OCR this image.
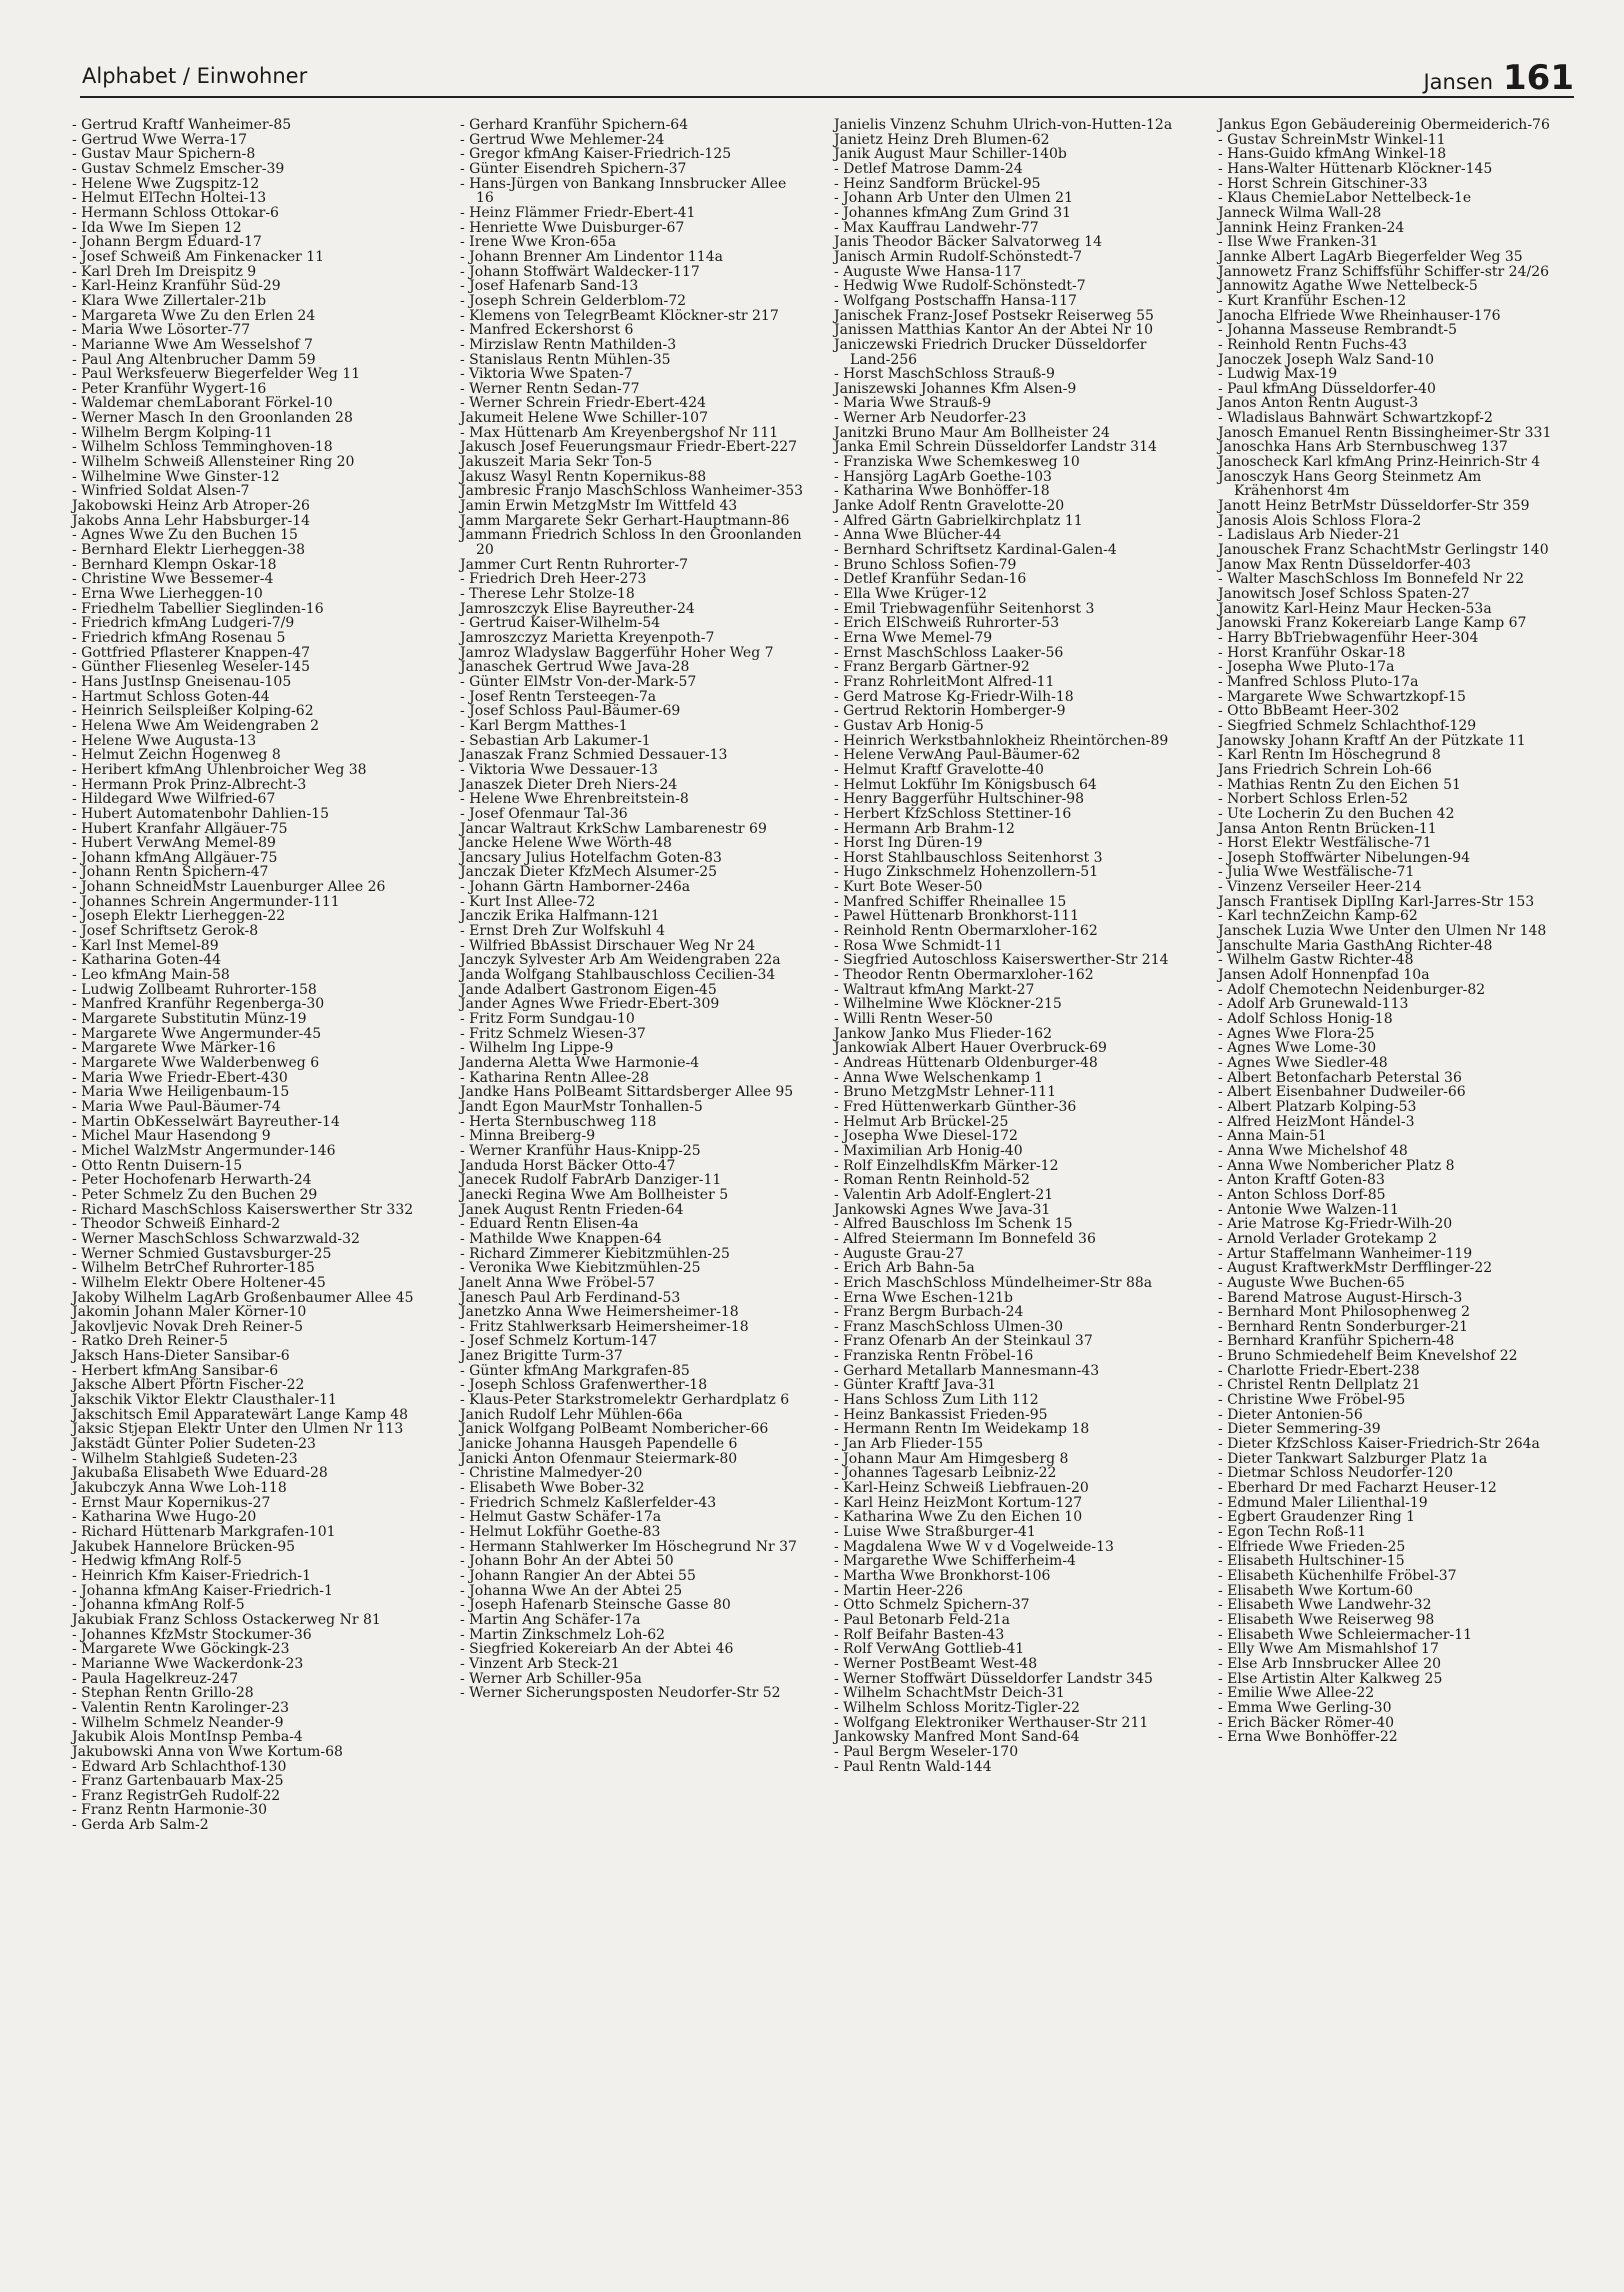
Alphabet / Einwohner	Jansen 161
- Gertrud Kraftf Wanheimer-85
- Gertrud Wwe Werra-17
- Gustav Maur Spichern-8
- Gustav Schmelz Emscher-39
- Helene Wwe Zugspitz-12
- Helmut ElTechn Holtei-13
- Hermann Schloss Ottokar-6
- Ida Wwe Im Siepen 12
- Johann Bergm Eduard-17
- Josef Schweiß Am Finkenacker 11
- Karl Dreh Im Dreispitz 9
- Karl-Heinz Kranführ Süd-29
- Klara Wwe Zillertaler-21b
- Margareta Wwe Zu den Erlen 24
- Maria Wwe Lösorter-77
- Marianne Wwe Am Wesselshof 7
- Paul Ang Altenbrucher Damm 59
- Paul Werksfeuerw Biegerfelder Weg 11
- Peter Kranführ Wygert-16
- Waldemar chemLaborant Förkel-10
- Werner Masch In den Groonlanden 28
- Wilhelm Bergm Kolping-11
- Wilhelm Schloss Temminghoven-18
- Wilhelm Schweiß Allensteiner Ring 20
- Wilhelmine Wwe Ginster-12
- Winfried Soldat Alsen-7
Jakobowski Heinz Arb Atroper-26
Jakobs Anna Lehr Habsburger-14
- Agnes Wwe Zu den Buchen 15
- Bernhard Elektr Lierheggen-38
- Bernhard Klempn Oskar-18
- Christine Wwe Bessemer-4
- Erna Wwe Lierheggen-10
- Friedhelm Tabellier Sieglinden-16
- Friedrich kfmAng Ludgeri-7/9
- Friedrich kfmAng Rosenau 5
- Gottfried Pflasterer Knappen-47
- Günther Fliesenleg Weseler-145
- Hans JustInsp Gneisenau-105
- Hartmut Schloss Goten-44
- Heinrich Seilspleißer Kolping-62
- Helena Wwe Am Weidengraben 2
- Helene Wwe Augusta-13
- Helmut Zeichn Hogenweg 8
- Heribert kfmAng Uhlenbroicher Weg 38
- Hermann Prok Prinz-Albrecht-3
- Hildegard Wwe Wilfried-67
- Hubert Automatenbohr Dahlien-15
- Hubert Kranfahr Allgäuer-75
- Hubert VerwAng Memel-89
- Johann kfmAng Allgäuer-75
- Johann Rentn Spichern-47
- Johann SchneidMstr Lauenburger Allee 26
- Johannes Schrein Angermunder-111
- Joseph Elektr Lierheggen-22
- Josef Schriftsetz Gerok-8
- Karl Inst Memel-89
- Katharina Goten-44
- Leo kfmAng Main-58
- Ludwig Zollbeamt Ruhrorter-158
- Manfred Kranführ Regenberga-30
- Margarete Substitutin Münz-19
- Margarete Wwe Angermunder-45
- Margarete Wwe Märker-16
- Margarete Wwe Walderbenweg 6
- Maria Wwe Friedr-Ebert-430
- Maria Wwe Heiligenbaum-15
- Maria Wwe Paul-Bäumer-74
- Martin ObKesselwärt Bayreuther-14
- Michel Maur Hasendong 9
- Michel WalzMstr Angermunder-146
- Otto Rentn Duisern-15
- Peter Hochofenarb Herwarth-24
- Peter Schmelz Zu den Buchen 29
- Richard MaschSchloss Kaiserswerther Str 332
- Theodor Schweiß Einhard-2
- Werner MaschSchloss Schwarzwald-32
- Werner Schmied Gustavsburger-25
- Wilhelm BetrChef Ruhrorter-185
- Wilhelm Elektr Obere Holtener-45
Jakoby Wilhelm LagArb Großenbaumer Allee 45
Jakomin Johann Maler Körner-10
Jakovljevic Novak Dreh Reiner-5
- Ratko Dreh Reiner-5
Jaksch Hans-Dieter Sansibar-6
- Herbert kfmAng Sansibar-6
Jaksche Albert Pförtn Fischer-22
Jakschik Viktor Elektr Clausthaler-11
Jakschitsch Emil Apparatewärt Lange Kamp 48
Jaksic Stjepan Elektr Unter den Ulmen Nr 113
Jakstädt Günter Polier Sudeten-23
- Wilhelm Stahlgieß Sudeten-23
Jakubaßa Elisabeth Wwe Eduard-28
Jakubczyk Anna Wwe Loh-118
- Ernst Maur Kopernikus-27
- Katharina Wwe Hugo-20
- Richard Hüttenarb Markgrafen-101
Jakubek Hannelore Brücken-95
- Hedwig kfmAng Rolf-5
- Heinrich Kfm Kaiser-Friedrich-1
- Johanna kfmAng Kaiser-Friedrich-1
- Johanna kfmAng Rolf-5
Jakubiak Franz Schloss Ostackerweg Nr 81
- Johannes KfzMstr Stockumer-36
- Margarete Wwe Göckingk-23
- Marianne Wwe Wackerdonk-23
- Paula Hagelkreuz-247
- Stephan Rentn Grillo-28
- Valentin Rentn Karolinger-23
- Wilhelm Schmelz Neander-9
Jakubik Alois MontInsp Pemba-4
Jakubowski Anna von Wwe Kortum-68
- Edward Arb Schlachthof-130
- Franz Gartenbauarb Max-25
- Franz RegistrGeh Rudolf-22
- Franz Rentn Harmonie-30
- Gerda Arb Salm-2
- Gerhard Kranführ Spichern-64
- Gertrud Wwe Mehlemer-24
- Gregor kfmAng Kaiser-Friedrich-125
- Günter Eisendreh Spichern-37
- Hans-Jürgen von Bankang Innsbrucker Allee 16
- Heinz Flämmer Friedr-Ebert-41
- Henriette Wwe Duisburger-67
- Irene Wwe Kron-65a
- Johann Brenner Am Lindentor 114a
- Johann Stoffwärt Waldecker-117
- Josef Hafenarb Sand-13
- Joseph Schrein Gelderblom-72
- Klemens von TelegrBeamt Klöckner-str 217
- Manfred Eckershorst 6
- Mirzislaw Rentn Mathilden-3
- Stanislaus Rentn Mühlen-35
- Viktoria Wwe Spaten-7
- Werner Rentn Sedan-77
- Werner Schrein Friedr-Ebert-424
Jakumeit Helene Wwe Schiller-107
- Max Hüttenarb Am Kreyenbergshof Nr 111
Jakusch Josef Feuerungsmaur Friedr-Ebert-227
Jakuszeit Maria Sekr Ton-5
Jakusz Wasyl Rentn Kopernikus-88
Jambresic Franjo MaschSchloss Wanheimer-353
Jamin Erwin MetzgMstr Im Wittfeld 43
Jamm Margarete Sekr Gerhart-Hauptmann-86
Jammann Friedrich Schloss In den Groonlanden 20
Jammer Curt Rentn Ruhrorter-7
- Friedrich Dreh Heer-273
- Therese Lehr Stolze-18
Jamroszczyk Elise Bayreuther-24
- Gertrud Kaiser-Wilhelm-54
Jamroszczyz Marietta Kreyenpoth-7
Jamroz Wladyslaw Baggerführ Hoher Weg 7
Janaschek Gertrud Wwe Java-28
- Günter ElMstr Von-der-Mark-57
- Josef Rentn Tersteegen-7a
- Josef Schloss Paul-Bäumer-69
- Karl Bergm Matthes-1
- Sebastian Arb Lakumer-1
Janaszak Franz Schmied Dessauer-13
- Viktoria Wwe Dessauer-13
Janaszek Dieter Dreh Niers-24
- Helene Wwe Ehrenbreitstein-8
- Josef Ofenmaur Tal-36
Jancar Waltraut KrkSchw Lambarenestr 69
Jancke Helene Wwe Wörth-48
Jancsary Julius Hotelfachm Goten-83
Janczak Dieter KfzMech Alsumer-25
- Johann Gärtn Hamborner-246a
- Kurt Inst Allee-72
Janczik Erika Halfmann-121
- Ernst Dreh Zur Wolfskuhl 4
- Wilfried BbAssist Dirschauer Weg Nr 24
Janczyk Sylvester Arb Am Weidengraben 22a
Janda Wolfgang Stahlbauschloss Cecilien-34
Jande Adalbert Gastronom Eigen-45
Jander Agnes Wwe Friedr-Ebert-309
- Fritz Form Sundgau-10
- Fritz Schmelz Wiesen-37
- Wilhelm Ing Lippe-9
Janderna Aletta Wwe Harmonie-4
- Katharina Rentn Allee-28
Jandke Hans PolBeamt Sittardsberger Allee 95
Jandt Egon MaurMstr Tonhallen-5
- Herta Sternbuschweg 118
- Minna Breiberg-9
- Werner Kranführ Haus-Knipp-25
Janduda Horst Bäcker Otto-47
Janecek Rudolf FabrArb Danziger-11
Janecki Regina Wwe Am Bollheister 5
Janek August Rentn Frieden-64
- Eduard Rentn Elisen-4a
- Mathilde Wwe Knappen-64
- Richard Zimmerer Kiebitzmühlen-25
- Veronika Wwe Kiebitzmühlen-25
Janelt Anna Wwe Fröbel-57
Janesch Paul Arb Ferdinand-53
Janetzko Anna Wwe Heimersheimer-18
- Fritz Stahlwerksarb Heimersheimer-18
- Josef Schmelz Kortum-147
Janez Brigitte Turm-37
- Günter kfmAng Markgrafen-85
- Joseph Schloss Grafenwerther-18
- Klaus-Peter Starkstromelektr Gerhardplatz 6
Janich Rudolf Lehr Mühlen-66a
Janick Wolfgang PolBeamt Nombericher-66
Janicke Johanna Hausgeh Papendelle 6
Janicki Anton Ofenmaur Steiermark-80
- Christine Malmedyer-20
- Elisabeth Wwe Bober-32
- Friedrich Schmelz Kaßlerfelder-43
- Helmut Gastw Schäfer-17a
- Helmut Lokführ Goethe-83
- Hermann Stahlwerker Im Höschegrund Nr 37
- Johann Bohr An der Abtei 50
- Johann Rangier An der Abtei 55
- Johanna Wwe An der Abtei 25
- Joseph Hafenarb Steinsche Gasse 80
- Martin Ang Schäfer-17a
- Martin Zinkschmelz Loh-62
- Siegfried Kokereiarb An der Abtei 46
- Vinzent Arb Steck-21
- Werner Arb Schiller-95a
- Werner Sicherungsposten Neudorfer-Str 52
Janielis Vinzenz Schuhm Ulrich-von-Hutten-12a
Janietz Heinz Dreh Blumen-62
Janik August Maur Schiller-140b
- Detlef Matrose Damm-24
- Heinz Sandform Brückel-95
- Johann Arb Unter den Ulmen 21
- Johannes kfmAng Zum Grind 31
- Max Kauffrau Landwehr-77
Janis Theodor Bäcker Salvatorweg 14
Janisch Armin Rudolf-Schönstedt-7
- Auguste Wwe Hansa-117
- Hedwig Wwe Rudolf-Schönstedt-7
- Wolfgang Postschaffn Hansa-117
Janischek Franz-Josef Postsekr Reiserweg 55
Janissen Matthias Kantor An der Abtei Nr 10
Janiczewski Friedrich Drucker Düsseldorfer Land-256
- Horst MaschSchloss Strauß-9
Janiszewski Johannes Kfm Alsen-9
- Maria Wwe Strauß-9
- Werner Arb Neudorfer-23
Janitzki Bruno Maur Am Bollheister 24
Janka Emil Schrein Düsseldorfer Landstr 314
- Franziska Wwe Schemkesweg 10
- Hansjörg LagArb Goethe-103
- Katharina Wwe Bonhöffer-18
Janke Adolf Rentn Gravelotte-20
- Alfred Gärtn Gabrielkirchplatz 11
- Anna Wwe Blücher-44
- Bernhard Schriftsetz Kardinal-Galen-4
- Bruno Schloss Sofien-79
- Detlef Kranführ Sedan-16
- Ella Wwe Krüger-12
- Emil Triebwagenführ Seitenhorst 3
- Erich ElSchweiß Ruhrorter-53
- Erna Wwe Memel-79
- Ernst MaschSchloss Laaker-56
- Franz Bergarb Gärtner-92
- Franz RohrleitMont Alfred-11
- Gerd Matrose Kg-Friedr-Wilh-18
- Gertrud Rektorin Homberger-9
- Gustav Arb Honig-5
- Heinrich Werkstbahnlokheiz Rheintörchen-89
- Helene VerwAng Paul-Bäumer-62
- Helmut Kraftf Gravelotte-40
- Helmut Lokführ Im Königsbusch 64
- Henry Baggerführ Hultschiner-98
- Herbert KfzSchloss Stettiner-16
- Hermann Arb Brahm-12
- Horst Ing Düren-19
- Horst Stahlbauschloss Seitenhorst 3
- Hugo Zinkschmelz Hohenzollern-51
- Kurt Bote Weser-50
- Manfred Schiffer Rheinallee 15
- Pawel Hüttenarb Bronkhorst-111
- Reinhold Rentn Obermarxloher-162
- Rosa Wwe Schmidt-11
- Siegfried Autoschloss Kaiserswerther-Str 214
- Theodor Rentn Obermarxloher-162
- Waltraut kfmAng Markt-27
- Wilhelmine Wwe Klöckner-215
- Willi Rentn Weser-50
Jankow Janko Mus Flieder-162
Jankowiak Albert Hauer Overbruck-69
- Andreas Hüttenarb Oldenburger-48
- Anna Wwe Welschenkamp 1
- Bruno MetzgMstr Lehner-111
- Fred Hüttenwerkarb Günther-36
- Helmut Arb Brückel-25
- Josepha Wwe Diesel-172
- Maximilian Arb Honig-40
- Rolf EinzelhdlsKfm Märker-12
- Roman Rentn Reinhold-52
- Valentin Arb Adolf-Englert-21
Jankowski Agnes Wwe Java-31
- Alfred Bauschloss Im Schenk 15
- Alfred Steiermann Im Bonnefeld 36
- Auguste Grau-27
- Erich Arb Bahn-5a
- Erich MaschSchloss Mündelheimer-Str 88a
- Erna Wwe Eschen-121b
- Franz Bergm Burbach-24
- Franz MaschSchloss Ulmen-30
- Franz Ofenarb An der Steinkaul 37
- Franziska Rentn Fröbel-16
- Gerhard Metallarb Mannesmann-43
- Günter Kraftf Java-31
- Hans Schloss Zum Lith 112
- Heinz Bankassist Frieden-95
- Hermann Rentn Im Weidekamp 18
- Jan Arb Flieder-155
- Johann Maur Am Himgesberg 8
- Johannes Tagesarb Leibniz-22
- Karl-Heinz Schweiß Liebfrauen-20
- Karl Heinz HeizMont Kortum-127
- Katharina Wwe Zu den Eichen 10
- Luise Wwe Straßburger-41
- Magdalena Wwe W v d Vogelweide-13
- Margarethe Wwe Schifferheim-4
- Martha Wwe Bronkhorst-106
- Martin Heer-226
- Otto Schmelz Spichern-37
- Paul Betonarb Feld-21a
- Rolf Beifahr Basten-43
- Rolf VerwAng Gottlieb-41
- Werner PostBeamt West-48
- Werner Stoffwärt Düsseldorfer Landstr 345
- Wilhelm SchachtMstr Deich-31
- Wilhelm Schloss Moritz-Tigler-22
- Wolfgang Elektroniker Werthauser-Str 211
Jankowsky Manfred Mont Sand-64
- Paul Bergm Weseler-170
- Paul Rentn Wald-144
Jankus Egon Gebäudereinig Obermeiderich-76
- Gustav SchreinMstr Winkel-11
- Hans-Guido kfmAng Winkel-18
- Hans-Walter Hüttenarb Klöckner-145
- Horst Schrein Gitschiner-33
- Klaus ChemieLabor Nettelbeck-1e
Janneck Wilma Wall-28
Jannink Heinz Franken-24
- Ilse Wwe Franken-31
Jannke Albert LagArb Biegerfelder Weg 35
Jannowetz Franz Schiffsführ Schiffer-str 24/26
Jannowitz Agathe Wwe Nettelbeck-5
- Kurt Kranführ Eschen-12
Janocha Elfriede Wwe Rheinhauser-176
- Johanna Masseuse Rembrandt-5
- Reinhold Rentn Fuchs-43
Janoczek Joseph Walz Sand-10
- Ludwig Max-19
- Paul kfmAng Düsseldorfer-40
Janos Anton Rentn August-3
- Wladislaus Bahnwärt Schwartzkopf-2
Janosch Emanuel Rentn Bissingheimer-Str 331
Janoschka Hans Arb Sternbuschweg 137
Janoscheck Karl kfmAng Prinz-Heinrich-Str 4
Janosczyk Hans Georg Steinmetz Am Krähenhorst 4m
Janott Heinz BetrMstr Düsseldorfer-Str 359
Janosis Alois Schloss Flora-2
- Ladislaus Arb Nieder-21
Janouschek Franz SchachtMstr Gerlingstr 140
Janow Max Rentn Düsseldorfer-403
- Walter MaschSchloss Im Bonnefeld Nr 22
Janowitsch Josef Schloss Spaten-27
Janowitz Karl-Heinz Maur Hecken-53a
Janowski Franz Kokereiarb Lange Kamp 67
- Harry BbTriebwagenführ Heer-304
- Horst Kranführ Oskar-18
- Josepha Wwe Pluto-17a
- Manfred Schloss Pluto-17a
- Margarete Wwe Schwartzkopf-15
- Otto BbBeamt Heer-302
- Siegfried Schmelz Schlachthof-129
Janowsky Johann Kraftf An der Pützkate 11
- Karl Rentn Im Höschegrund 8
Jans Friedrich Schrein Loh-66
- Mathias Rentn Zu den Eichen 51
- Norbert Schloss Erlen-52
- Ute Locherin Zu den Buchen 42
Jansa Anton Rentn Brücken-11
- Horst Elektr Westfälische-71
- Joseph Stoffwärter Nibelungen-94
- Julia Wwe Westfälische-71
- Vinzenz Verseiler Heer-214
Jansch Frantisek DiplIng Karl-Jarres-Str 153
- Karl technZeichn Kamp-62
Janschek Luzia Wwe Unter den Ulmen Nr 148
Janschulte Maria GasthAng Richter-48
- Wilhelm Gastw Richter-48
Jansen Adolf Honnenpfad 10a
- Adolf Chemotechn Neidenburger-82
- Adolf Arb Grunewald-113
- Adolf Schloss Honig-18
- Agnes Wwe Flora-25
- Agnes Wwe Lome-30
- Agnes Wwe Siedler-48
- Albert Betonfacharb Peterstal 36
- Albert Eisenbahner Dudweiler-66
- Albert Platzarb Kolping-53
- Alfred HeizMont Händel-3
- Anna Main-51
- Anna Wwe Michelshof 48
- Anna Wwe Nombericher Platz 8
- Anton Kraftf Goten-83
- Anton Schloss Dorf-85
- Antonie Wwe Walzen-11
- Arie Matrose Kg-Friedr-Wilh-20
- Arnold Verlader Grotekamp 2
- Artur Staffelmann Wanheimer-119
- August KraftwerkMstr Derfflinger-22
- Auguste Wwe Buchen-65
- Barend Matrose August-Hirsch-3
- Bernhard Mont Philosophenweg 2
- Bernhard Rentn Sonderburger-21
- Bernhard Kranführ Spichern-48
- Bruno Schmiedehelf Beim Knevelshof 22
- Charlotte Friedr-Ebert-238
- Christel Rentn Dellplatz 21
- Christine Wwe Fröbel-95
- Dieter Antonien-56
- Dieter Semmering-39
- Dieter KfzSchloss Kaiser-Friedrich-Str 264a
- Dieter Tankwart Salzburger Platz 1a
- Dietmar Schloss Neudorfer-120
- Eberhard Dr med Facharzt Heuser-12
- Edmund Maler Lilienthal-19
- Egbert Graudenzer Ring 1
- Egon Techn Roß-11
- Elfriede Wwe Frieden-25
- Elisabeth Hultschiner-15
- Elisabeth Küchenhilfe Fröbel-37
- Elisabeth Wwe Kortum-60
- Elisabeth Wwe Landwehr-32
- Elisabeth Wwe Reiserweg 98
- Elisabeth Wwe Schleiermacher-11
- Elly Wwe Am Mismahlshof 17
- Else Arb Innsbrucker Allee 20
- Else Artistin Alter Kalkweg 25
- Emilie Wwe Allee-22
- Emma Wwe Gerling-30
- Erich Bäcker Römer-40
- Erna Wwe Bonhöffer-22
